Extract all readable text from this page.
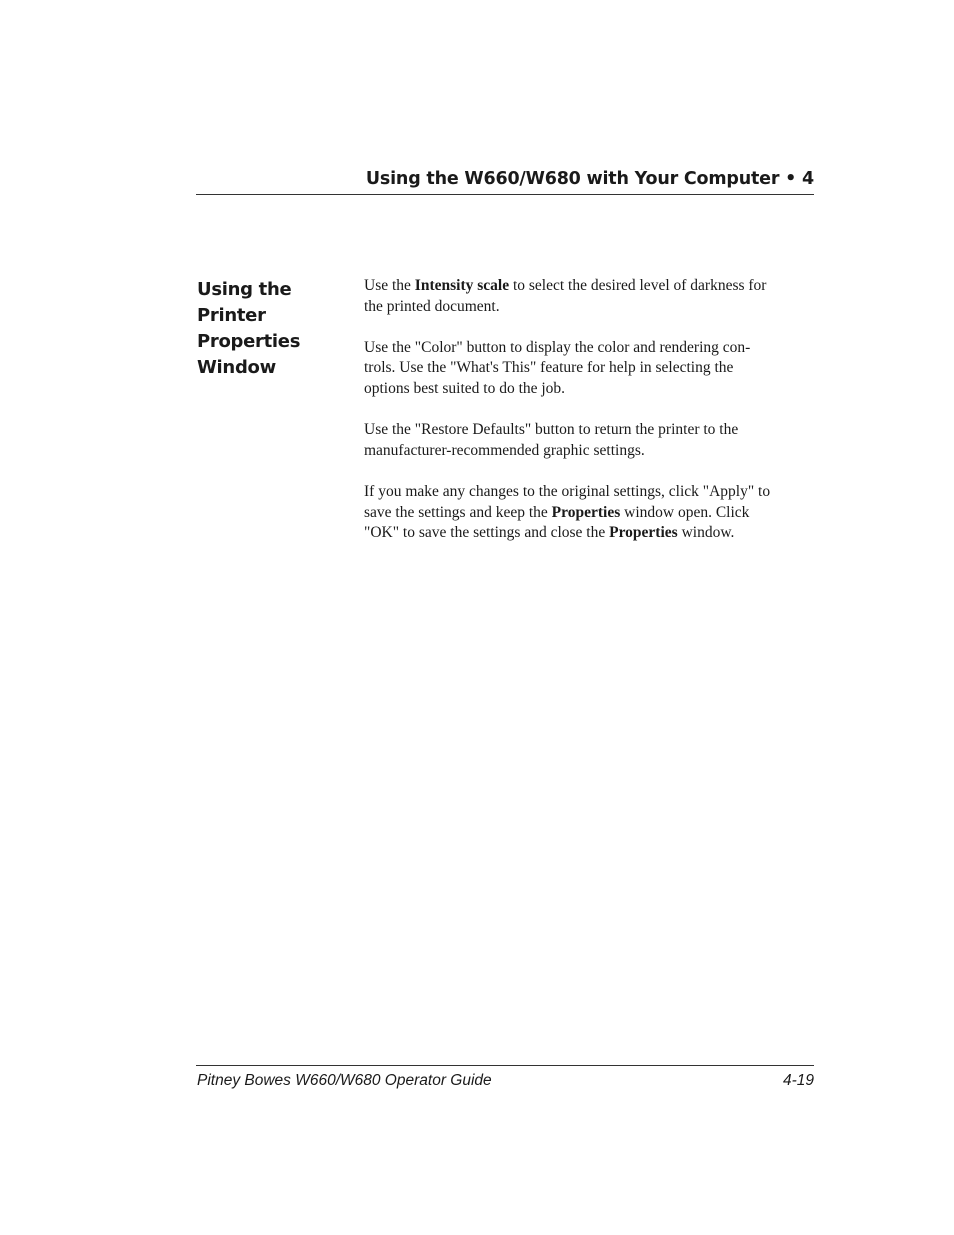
Using the W660/W680 with Your Computer • 4
Using the
Printer
Properties
Window
Use the Intensity scale to select the desired level of darkness for
the printed document.
Use the "Color" button to display the color and rendering con-
trols. Use the "What's This" feature for help in selecting the
options best suited to do the job.
Use the "Restore Defaults" button to return the printer to the
manufacturer-recommended graphic settings.
If you make any changes to the original settings, click "Apply" to
save the settings and keep the Properties window open. Click
"OK" to save the settings and close the Properties window.
Pitney Bowes W660/W680 Operator Guide	4-19
